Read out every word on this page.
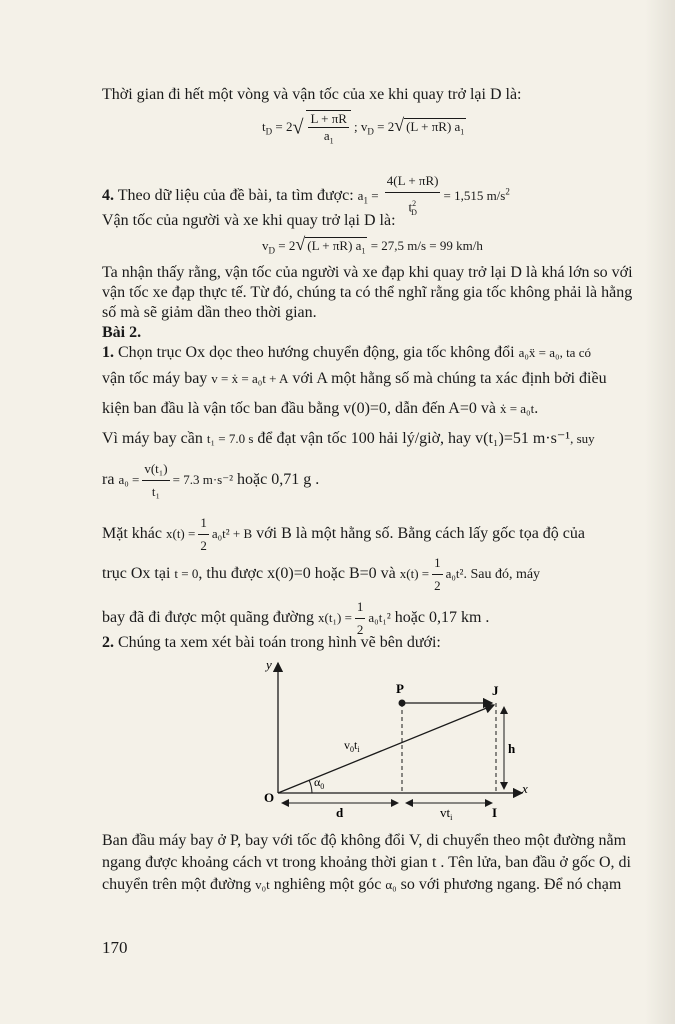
Thời gian đi hết một vòng và vận tốc của xe khi quay trở lại D là:
$t_D = 2√ \frac{L + \pi R}{a_1}$ ; $v_D = 2√$ (L + πR) $a_1$
4. Theo dữ liệu của đề bài, ta tìm được: $a_1 = \frac{4(L + \pi R)}{t^2_D} = 1,515$ $m/s^2$
Vận tốc của người và xe khi quay trở lại D là:
$v_D = 2√$ (L + πR) $a_1 = 27,5$ m/s = 99 km/h
Ta nhận thấy rằng, vận tốc của người và xe đạp khi quay trở lại D là khá lớn so với
vận tốc xe đạp thực tế. Từ đó, chúng ta có thể nghĩ rằng gia tốc không phải là hằng
số mà sẽ giảm dần theo thời gian.
Bài 2.
1. Chọn trục Ox dọc theo hướng chuyển động, gia tốc không đổi a₀ẍ = a₀, ta có
vận tốc máy bay v = ẋ = a₀t + A với A một hằng số mà chúng ta xác định bởi điều
kiện ban đầu là vận tốc ban đầu bằng v(0)=0, dẫn đến A=0 và ẋ = a₀t.
Vì máy bay cần t₁ = 7.0 s để đạt vận tốc 100 hải lý/giờ, hay v(t₁)=51 m·s⁻¹, suy
ra $a_0 = \frac{\text{v(t₁)}}{\text{t₁}} = 7.3$ m·s⁻² hoặc 0,71 g .
Mặt khác $x(t) = \frac{1}{2} a_0t^2 + B$ với B là một hằng số. Bằng cách lấy gốc tọa độ của
trục Ox tại t = 0, thu được x(0)=0 hoặc B=0 và $x(t) = \frac{1}{2} a_0t^2$. Sau đó, máy
bay đã đi được một quãng đường $x(t_1) = \frac{1}{2} a_0t_1^2$ hoặc 0,17 km .
2. Chúng ta xem xét bài toán trong hình vẽ bên dưới:
y
x
O
P	J
I
h
d	$vt_i$
$v_0t_i$
$\alpha_0$
Ban đầu máy bay ở P, bay với tốc độ không đổi V, di chuyển theo một đường nằm
ngang được khoảng cách vt trong khoảng thời gian t . Tên lửa, ban đầu ở gốc O, di
chuyển trên một đường v₀t nghiêng một góc α₀ so với phương ngang. Để nó chạm
170
